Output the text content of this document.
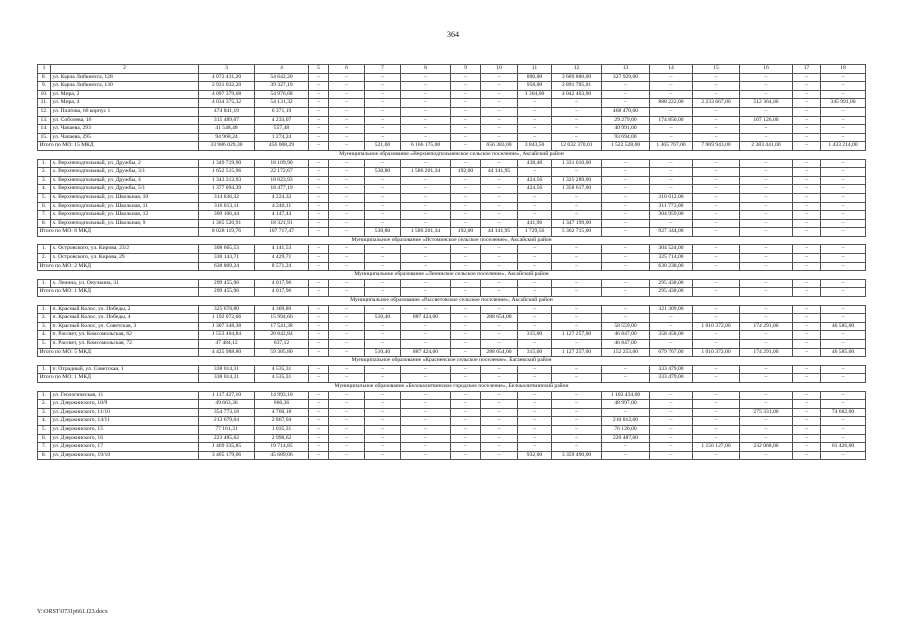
364
1	2	3	4	5	6	7	8	9	10	11	12	13	14	15	16	17	18
8.	ул. Карла Либкнехта, 128	4 072 431,20	54 642,20	–	–	–	–	–	–	890,00	3 689 880,00	327 929,00	–	–	–	–	–
9.	ул. Карла Либкнехта, 130	2 931 032,20	39 327,19	–	–	–	–	–	–	958,00	2 891 705,01	–	–	–	–	–	–
10.	ул. Мира, 2	4 097 379,68	54 976,68	–	–	–	–	–	–	1 304,00	4 042 403,00	–	–	–	–	–	–
11.	ул. Мира, 4	4 034 375,32	54 131,32	–	–	–	–	–	–	–	–	–	888 222,00	2 233 667,00	512 364,00	–	345 991,00
12.	ул. Платова, 66 корпус 1	474 841,19	6 371,19	–	–	–	–	–	–	–	–	468 470,00	–	–	–	–	–
13.	ул. Соболева, 16	315 489,07	4 233,07	–	–	–	–	–	–	–	–	29 279,00	174 850,00	–	107 126,00	–	–
14.	ул. Чапаева, 293	41 548,48	557,48	–	–	–	–	–	–	–	–	40 991,00	–	–	–	–	–
15.	ул. Чапаева, 295	94 968,24	1 274,24	–	–	–	–	–	–	–	–	93 694,00	–	–	–	–	–
Итого по МО: 15 МКД		33 986 029,30	456 008,29	–	–	521,00	6 166 175,00	–	656 383,00	3 843,50	12 032 370,01	1 522 528,00	1 365 767,00	7 969 943,00	2 383 441,00	–	1 433 214,00
Муниципальное образование «Верхнеподпольненское сельское поселение», Аксайский район																	
1.	х. Верхнеподпольный, ул. Дружбы, 2	1 349 719,90	18 109,90	–	–	–	–	–	–	438,48	1 331 610,00	–	–	–	–	–	–
2.	х. Верхнеподпольный, ул. Дружбы, 3/1	1 652 515,96	22 172,67	–	–	530,80	1 586 201,34	192,00	44 141,95	–	–	–	–	–	–	–	–
3.	х. Верхнеподпольный, ул. Дружбы, 4	1 343 312,93	18 023,93	–	–	–	–	–	–	424,56	1 325 289,00	–	–	–	–	–	–
4.	х. Верхнеподпольный, ул. Дружбы, 5/1	1 377 094,39	18 477,19	–	–	–	–	–	–	424,56	1 358 617,00	–	–	–	–	–	–
5.	х. Верхнеподпольный, ул. Школьная, 10	314 836,32	4 224,32	–	–	–	–	–	–	–	–	–	310 612,00	–	–	–	–
6.	х. Верхнеподпольный, ул. Школьная, 11	316 013,11	4 240,11	–	–	–	–	–	–	–	–	–	311 773,00	–	–	–	–
7.	х. Верхнеподпольный, ул. Школьная, 12	309 106,44	4 147,44	–	–	–	–	–	–	–	–	–	304 959,00	–	–	–	–
8.	х. Верхнеподпольный, ул. Школьная, 9	1 365 520,91	18 321,91	–	–	–	–	–	–	441,96	1 347 199,00	–	–	–	–	–	–
Итого по МО: 8 МКД		8 028 119,76	107 717,47	–	–	530,80	1 586 201,34	192,00	44 141,95	1 729,56	5 362 715,00	–	927 344,00	–	–	–	–
Муниципальное образование «Истоминское сельское поселение», Аксайский район																	
1.	х. Островского, ул. Кирова, 23/2	308 665,53	4 141,53	–	–	–	–	–	–	–	–	–	304 524,00	–	–	–	–
2.	х. Островского, ул. Кирова, 29	330 143,71	4 429,71	–	–	–	–	–	–	–	–	–	325 714,00	–	–	–	–
Итого по МО: 2 МКД		638 809,24	8 571,24	–	–	–	–	–	–	–	–	–	630 238,00	–	–	–	–
Муниципальное образование «Ленинское сельское поселение», Аксайский район																	
1.	х. Ленина, ул. Онучкина, 31	299 455,96	4 017,96	–	–	–	–	–	–	–	–	–	295 438,00	–	–	–	–
Итого по МО: 1 МКД		299 455,96	4 017,96	–	–	–	–	–	–	–	–	–	295 438,00	–	–	–	–
Муниципальное образование «Рассветовское сельское поселение», Аксайский район																	
1.	п. Красный Колос, ул. Победы, 2	325 678,80	4 369,80	–	–	–	–	–	–	–	–	–	321 309,00	–	–	–	–
2.	п. Красный Колос, ул. Победы, 4	1 192 072,66	15 994,66	–	–	510,40	887 424,00	–	288 654,00	–	–	–	–	–	–	–	–
3.	п. Красный Колос, ул. Советская, 3	1 307 348,38	17 541,38	–	–	–	–	–	–	–	–	58 559,00	–	1 010 372,00	174 291,00	–	46 585,00
4.	п. Рассвет, ул. Комсомольская, 62	1 553 404,84	20 842,84	–	–	–	–	–	–	315,00	1 127 257,00	46 847,00	358 458,00	–	–	–	–
5.	п. Рассвет, ул. Комсомольская, 72	47 484,12	637,12	–	–	–	–	–	–	–	–	46 847,00	–	–	–	–	–
Итого по МО: 5 МКД		4 425 988,80	59 385,80	–	–	510,40	887 424,00	–	288 654,00	315,00	1 127 257,00	152 253,00	679 767,00	1 010 372,00	174 291,00	–	46 585,00
Муниципальное образование «Красненское сельское поселение», Багаевский район																	
1.	п. Отрадный, ул. Советская, 1	338 014,31	4 535,31	–	–	–	–	–	–	–	–	–	333 479,00	–	–	–	–
Итого по МО: 1 МКД		338 014,31	4 535,31	–	–	–	–	–	–	–	–	–	333 479,00	–	–	–	–
Муниципальное образование «Белокалитвинское городское поселение», Белокалитвинский район																	
1.	ул. Геологическая, 11	1 117 427,10	14 993,10	–	–	–	–	–	–	–	–	1 102 434,00	–	–	–	–	–
2.	ул. Дзержинского, 10/9	49 663,36	666,36	–	–	–	–	–	–	–	–	48 997,00	–	–	–	–	–
3.	ул. Дзержинского, 11/10	354 773,18	4 760,18	–	–	–	–	–	–	–	–	–	–	–	275 331,00	–	74 682,00
4.	ул. Дзержинского, 14/11	213 679,04	2 867,04	–	–	–	–	–	–	–	–	210 812,00	–	–	–	–	–
5.	ул. Дзержинского, 15	77 161,31	1 035,31	–	–	–	–	–	–	–	–	76 126,00	–	–	–	–	–
6.	ул. Дзержинского, 16	223 485,62	2 998,62	–	–	–	–	–	–	–	–	220 487,00	–	–	–	–	–
7.	ул. Дзержинского, 17	1 469 335,85	19 714,85	–	–	–	–	–	–	–	–	–	–	1 156 127,00	232 068,00	–	61 426,00
8.	ул. Дзержинского, 19/10	3 405 179,06	45 689,06	–	–	–	–	–	–	932,00	3 359 490,00	–	–	–	–	–	–
Y:\ORST\0731p661.f23.docx
